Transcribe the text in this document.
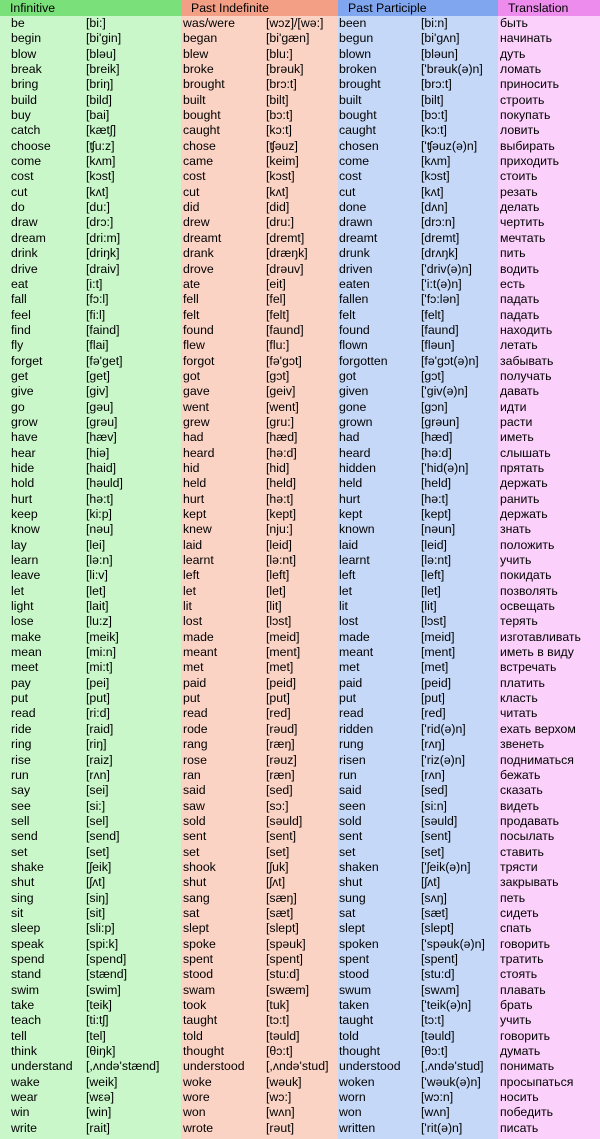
Infinitive	Past Indefinite	Past Participle	Translation
be	[bi:]	was/were	[wɔz]/[wə:]	been	[bi:n]	быть
begin	[bi'gin]	began	[bi'gæn]	begun	[bi'gʌn]	начинать
blow	[bləu]	blew	[blu:]	blown	[bləun]	дуть
break	[breik]	broke	[brəuk]	broken	['brəuk(ə)n]	ломать
bring	[briŋ]	brought	[brɔ:t]	brought	[brɔ:t]	приносить
build	[bild]	built	[bilt]	built	[bilt]	строить
buy	[bai]	bought	[bɔ:t]	bought	[bɔ:t]	покупать
catch	[kætʃ]	caught	[kɔ:t]	caught	[kɔ:t]	ловить
choose	[ʧu:z]	chose	[ʧəuz]	chosen	['ʧəuz(ə)n]	выбирать
come	[kʌm]	came	[keim]	come	[kʌm]	приходить
cost	[kɔst]	cost	[kɔst]	cost	[kɔst]	стоить
cut	[kʌt]	cut	[kʌt]	cut	[kʌt]	резать
do	[du:]	did	[did]	done	[dʌn]	делать
draw	[drɔ:]	drew	[dru:]	drawn	[drɔ:n]	чертить
dream	[dri:m]	dreamt	[dremt]	dreamt	[dremt]	мечтать
drink	[driŋk]	drank	[dræŋk]	drunk	[drʌŋk]	пить
drive	[draiv]	drove	[drəuv]	driven	['driv(ə)n]	водить
eat	[i:t]	ate	[eit]	eaten	['i:t(ə)n]	есть
fall	[fɔ:l]	fell	[fel]	fallen	['fɔ:lən]	падать
feel	[fi:l]	felt	[felt]	felt	[felt]	падать
find	[faind]	found	[faund]	found	[faund]	находить
fly	[flai]	flew	[flu:]	flown	[fləun]	летать
forget	[fə'get]	forgot	[fə'gɔt]	forgotten	[fə'gɔt(ə)n]	забывать
get	[get]	got	[gɔt]	got	[gɔt]	получать
give	[giv]	gave	[geiv]	given	['giv(ə)n]	давать
go	[gəu]	went	[went]	gone	[gɔn]	идти
grow	[grəu]	grew	[gru:]	grown	[grəun]	расти
have	[hæv]	had	[hæd]	had	[hæd]	иметь
hear	[hiə]	heard	[hə:d]	heard	[hə:d]	слышать
hide	[haid]	hid	[hid]	hidden	['hid(ə)n]	прятать
hold	[həuld]	held	[held]	held	[held]	держать
hurt	[hə:t]	hurt	[hə:t]	hurt	[hə:t]	ранить
keep	[ki:p]	kept	[kept]	kept	[kept]	держать
know	[nəu]	knew	[nju:]	known	[nəun]	знать
lay	[lei]	laid	[leid]	laid	[leid]	положить
learn	[lə:n]	learnt	[lə:nt]	learnt	[lə:nt]	учить
leave	[li:v]	left	[left]	left	[left]	покидать
let	[let]	let	[let]	let	[let]	позволять
light	[lait]	lit	[lit]	lit	[lit]	освещать
lose	[lu:z]	lost	[lɔst]	lost	[lɔst]	терять
make	[meik]	made	[meid]	made	[meid]	изготавливать
mean	[mi:n]	meant	[ment]	meant	[ment]	иметь в виду
meet	[mi:t]	met	[met]	met	[met]	встречать
pay	[pei]	paid	[peid]	paid	[peid]	платить
put	[put]	put	[put]	put	[put]	класть
read	[ri:d]	read	[red]	read	[red]	читать
ride	[raid]	rode	[rəud]	ridden	['rid(ə)n]	ехать верхом
ring	[riŋ]	rang	[ræŋ]	rung	[rʌŋ]	звенеть
rise	[raiz]	rose	[rəuz]	risen	['riz(ə)n]	подниматься
run	[rʌn]	ran	[ræn]	run	[rʌn]	бежать
say	[sei]	said	[sed]	said	[sed]	сказать
see	[si:]	saw	[sɔ:]	seen	[si:n]	видеть
sell	[sel]	sold	[səuld]	sold	[səuld]	продавать
send	[send]	sent	[sent]	sent	[sent]	посылать
set	[set]	set	[set]	set	[set]	ставить
shake	[ʃeik]	shook	[ʃuk]	shaken	['ʃeik(ə)n]	трясти
shut	[ʃʌt]	shut	[ʃʌt]	shut	[ʃʌt]	закрывать
sing	[siŋ]	sang	[sæŋ]	sung	[sʌŋ]	петь
sit	[sit]	sat	[sæt]	sat	[sæt]	сидеть
sleep	[sli:p]	slept	[slept]	slept	[slept]	спать
speak	[spi:k]	spoke	[spəuk]	spoken	['spəuk(ə)n]	говорить
spend	[spend]	spent	[spent]	spent	[spent]	тратить
stand	[stænd]	stood	[stu:d]	stood	[stu:d]	стоять
swim	[swim]	swam	[swæm]	swum	[swʌm]	плавать
take	[teik]	took	[tuk]	taken	['teik(ə)n]	брать
teach	[ti:tʃ]	taught	[tɔ:t]	taught	[tɔ:t]	учить
tell	[tel]	told	[təuld]	told	[təuld]	говорить
think	[θiŋk]	thought	[θɔ:t]	thought	[θɔ:t]	думать
understand	[,ʌndə'stænd]	understood	[,ʌndə'stud] understood	[,ʌndə'stud]	понимать
wake	[weik]	woke	[wəuk]	woken	['wəuk(ə)n]	просыпаться
wear	[wεə]	wore	[wɔ:]	worn	[wɔ:n]	носить
win	[win]	won	[wʌn]	won	[wʌn]	победить
write	[rait]	wrote	[rəut]	written	['rit(ə)n]	писать
